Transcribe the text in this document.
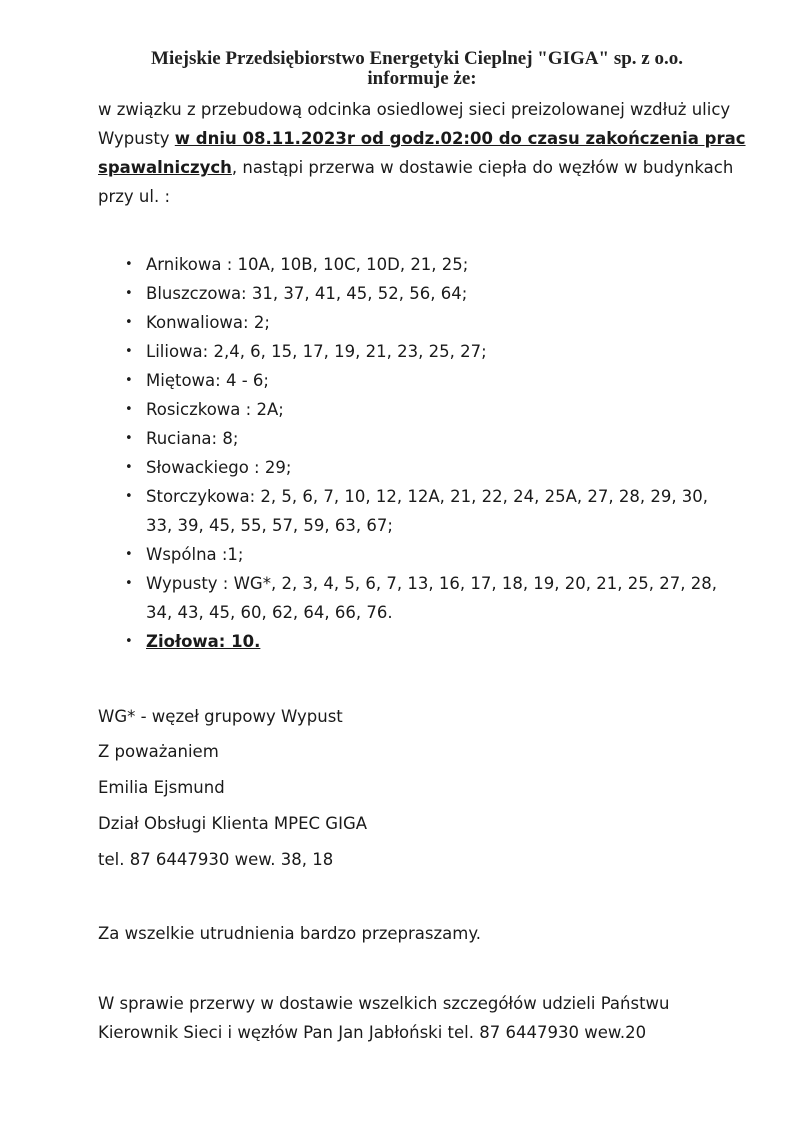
Miejskie Przedsiębiorstwo Energetyki Cieplnej "GIGA" sp. z o.o.
informuje że:
w związku z przebudową odcinka osiedlowej sieci preizolowanej wzdłuż ulicy
Wypusty w dniu 08.11.2023r od godz.02:00 do czasu zakończenia prac
spawalniczych, nastąpi przerwa w dostawie ciepła do węzłów w budynkach
przy ul. :
• Arnikowa : 10A, 10B, 10C, 10D, 21, 25;
• Bluszczowa: 31, 37, 41, 45, 52, 56, 64;
• Konwaliowa: 2;
• Liliowa: 2,4, 6, 15, 17, 19, 21, 23, 25, 27;
• Miętowa: 4 - 6;
• Rosiczkowa : 2A;
• Ruciana: 8;
• Słowackiego : 29;
• Storczykowa: 2, 5, 6, 7, 10, 12, 12A, 21, 22, 24, 25A, 27, 28, 29, 30, 33, 39, 45, 55, 57, 59, 63, 67;
• Wspólna :1;
• Wypusty : WG*, 2, 3, 4, 5, 6, 7, 13, 16, 17, 18, 19, 20, 21, 25, 27, 28, 34, 43, 45, 60, 62, 64, 66, 76.
• Ziołowa: 10.
WG* - węzeł grupowy Wypust
Z poważaniem
Emilia Ejsmund
Dział Obsługi Klienta MPEC GIGA
tel. 87 6447930 wew. 38, 18
Za wszelkie utrudnienia bardzo przepraszamy.
W sprawie przerwy w dostawie wszelkich szczegółów udzieli Państwu
Kierownik Sieci i węzłów Pan Jan Jabłoński tel. 87 6447930 wew.20
